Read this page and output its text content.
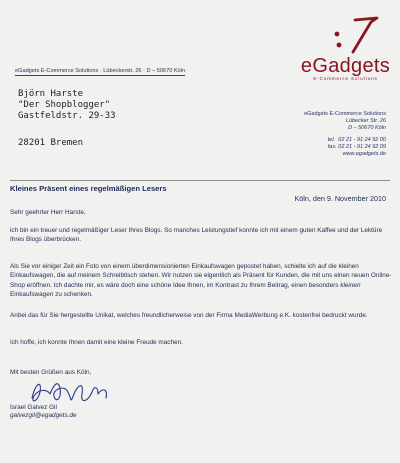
eGadgets
E-Commerce Solutions
eGadgets E-Commerce Solutions · Lübeckerstr. 26 · D – 50670 Köln
Björn Harste
"Der Shopblogger"
Gastfeldstr. 29-33
28201 Bremen
eGadgets E-Commerce Solutions
Lübecker Str. 26
D – 50670 Köln
tel. 02 21 - 91 24 92 00
fax. 02 21 - 91 24 92 09
www.egadgets.de
Kleines Präsent eines regelmäßigen Lesers
Köln, den 9. November 2010
Sehr geehrter Herr Harste,
ich bin ein treuer und regelmäßiger Leser Ihres Blogs. So manches Leistungstief konnte ich mit einem guten Kaffee und der Lektüre Ihres Blogs überbrücken.
Als Sie vor einiger Zeit ein Foto von einem überdimensionierten Einkaufswagen gepostet haben, schielte ich auf die kleinen Einkaufswagen, die auf meinem Schreibtisch stehen. Wir nutzen sie eigentlich als Präsent für Kunden, die mit uns einen neuen Online-Shop eröffnen. Ich dachte mir, es wäre doch eine schöne Idee Ihnen, im Kontrast zu Ihrem Beitrag, einen besonders kleinen Einkaufswagen zu schenken.
Anbei das für Sie hergestellte Unikat, welches freundlicherweise von der Firma MediaWerbung e.K. kostenfrei bedruckt wurde.
Ich hoffe, ich konnte Ihnen damit eine kleine Freude machen.
Mit besten Grüßen aus Köln,
Israel Galvez Gil
galvezgil@egadgets.de
